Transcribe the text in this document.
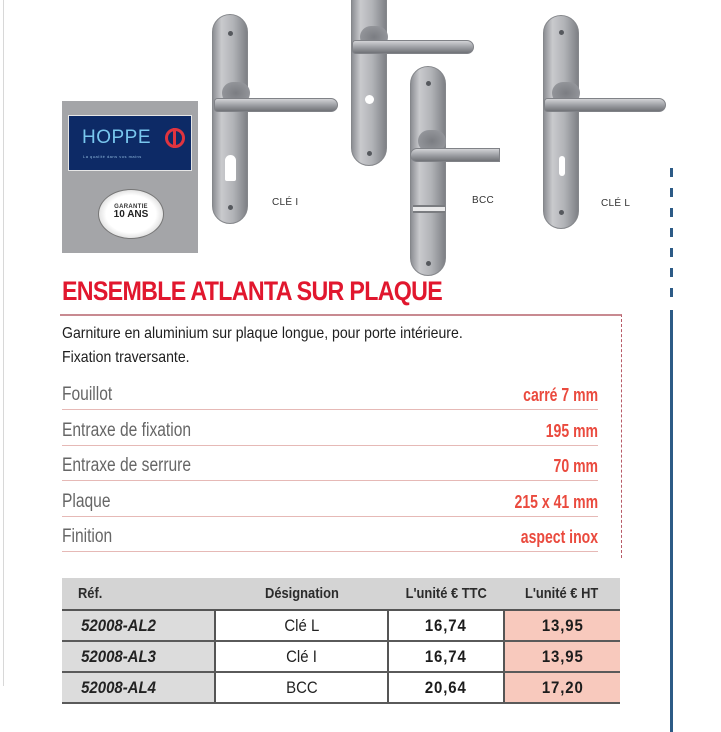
HOPPE
La qualité dans vos mains
GARANTIE
10 ANS
CLÉ I	BCC	CLÉ L
ENSEMBLE ATLANTA SUR PLAQUE
Garniture en aluminium sur plaque longue, pour porte intérieure.
Fixation traversante.
Fouillot	carré 7 mm
Entraxe de fixation	195 mm
Entraxe de serrure	70 mm
Plaque	215 x 41 mm
Finition	aspect inox
Réf.	Désignation	L'unité € TTC	L'unité € HT
52008-AL2	Clé L	16,74	13,95
52008-AL3	Clé I	16,74	13,95
52008-AL4	BCC	20,64	17,20
